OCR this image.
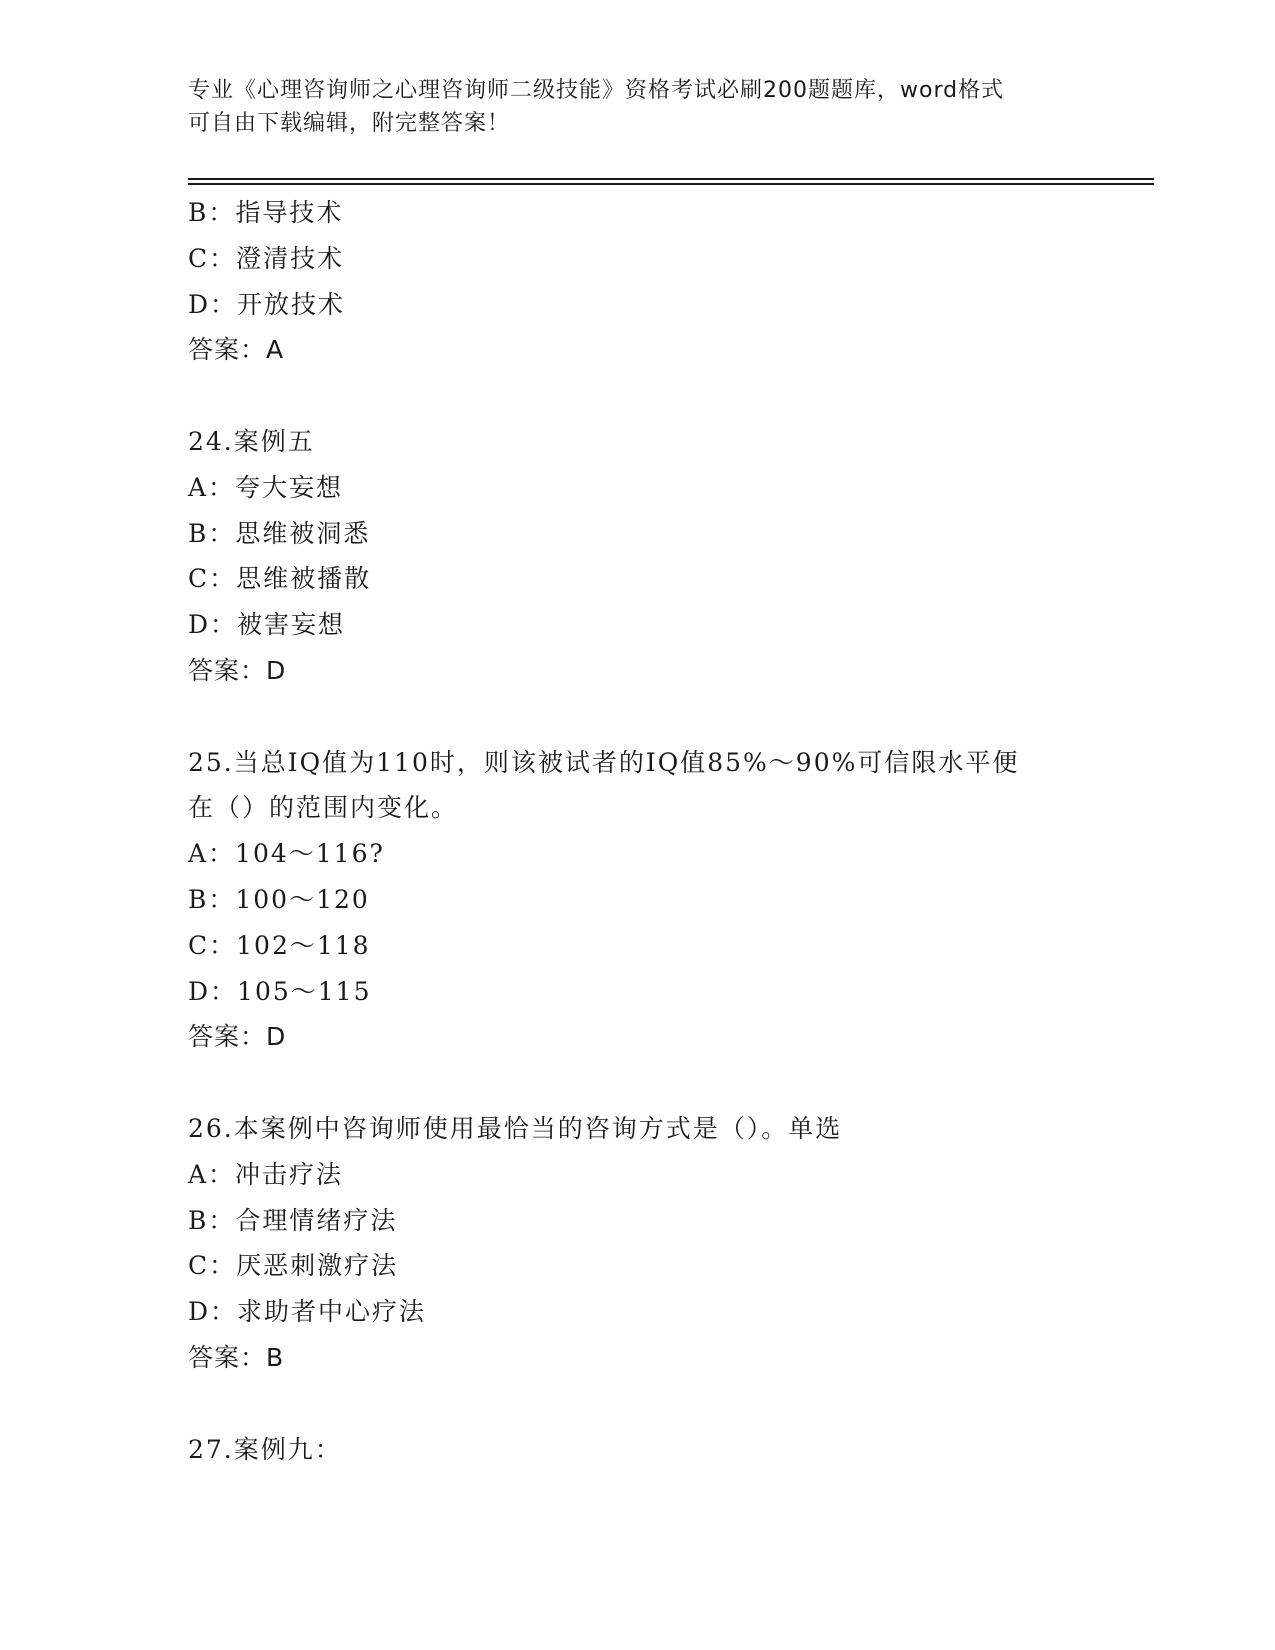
专业《心理咨询师之心理咨询师二级技能》资格考试必刷200题题库，word格式
可自由下载编辑，附完整答案！
B：指导技术
C：澄清技术
D：开放技术
答案：A
24.案例五
A：夸大妄想
B：思维被洞悉
C：思维被播散
D：被害妄想
答案：D
25.当总IQ值为110时，则该被试者的IQ值85%～90%可信限水平便
在（）的范围内变化。
A：104～116?
B：100～120
C：102～118
D：105～115
答案：D
26.本案例中咨询师使用最恰当的咨询方式是（）。单选
A：冲击疗法
B：合理情绪疗法
C：厌恶刺激疗法
D：求助者中心疗法
答案：B
27.案例九：
